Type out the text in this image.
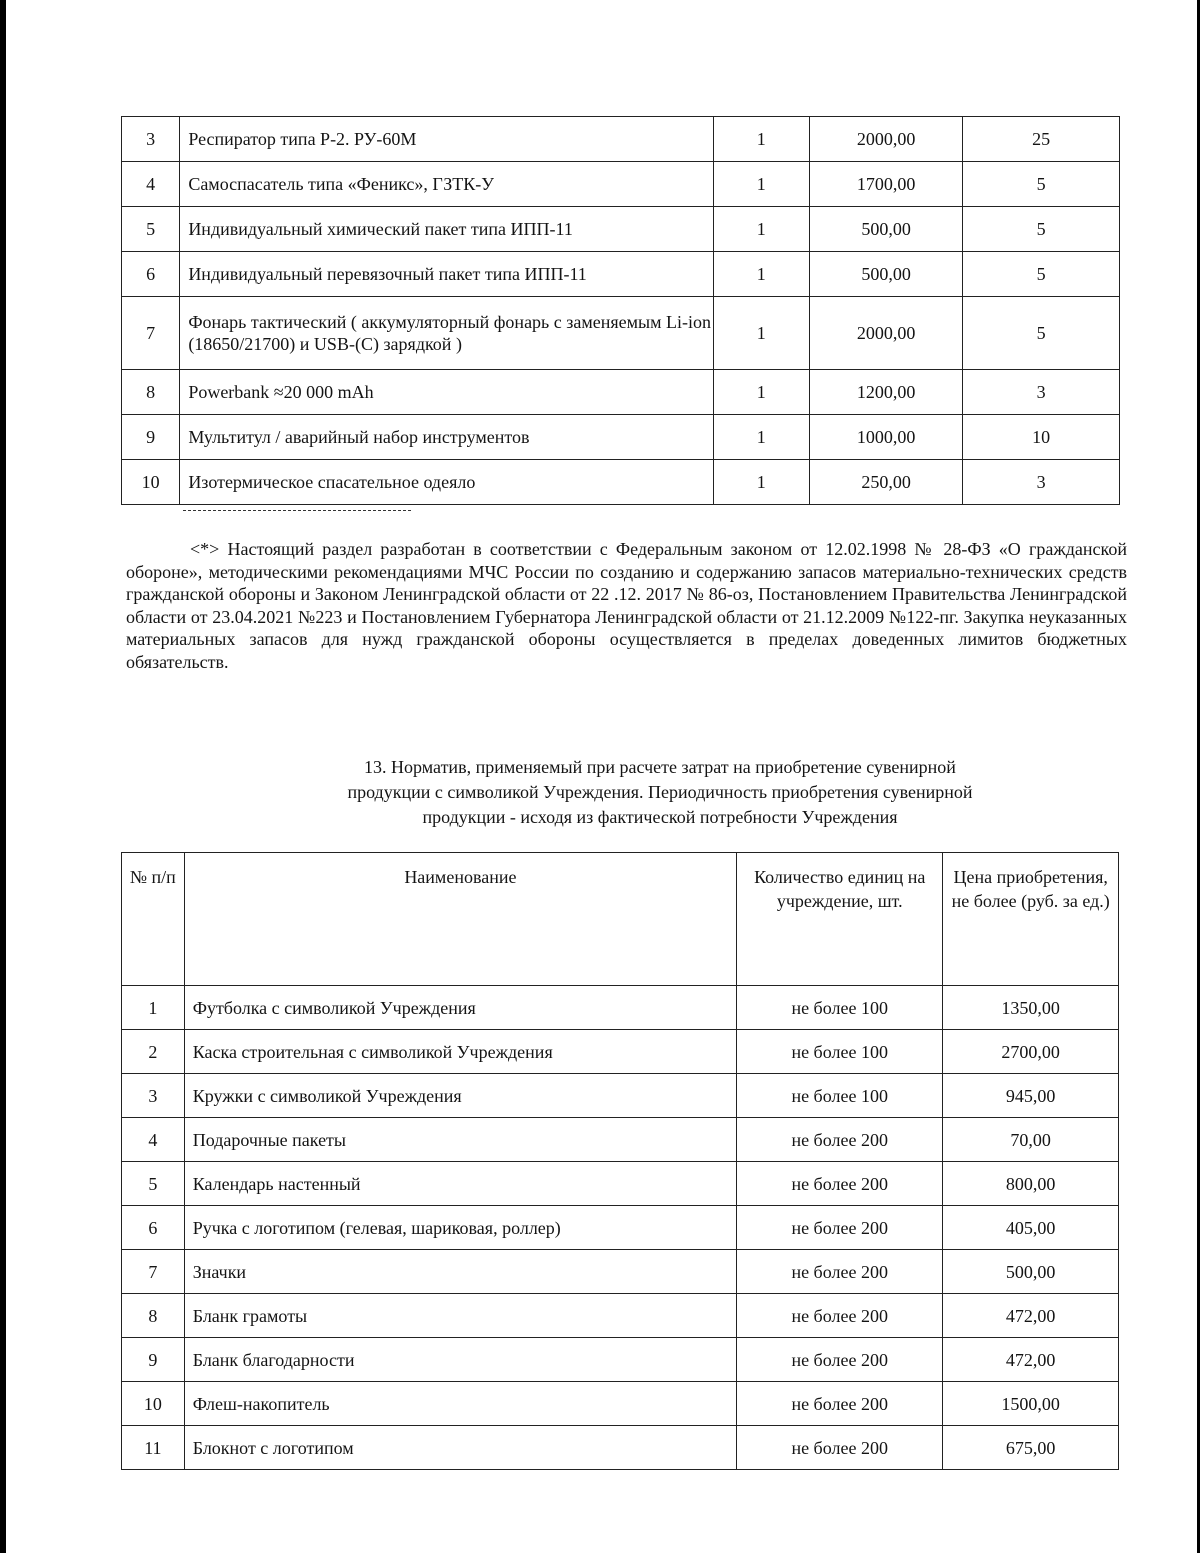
3	Респиратор типа Р-2. РУ-60М	1	2000,00	25
4	Самоспасатель типа «Феникс», ГЗТК-У	1	1700,00	5
5	Индивидуальный химический пакет типа ИПП-11	1	500,00	5
6	Индивидуальный перевязочный пакет типа ИПП-11	1	500,00	5
7	Фонарь тактический ( аккумуляторный фонарь с заменяемым Li-ion (18650/21700) и USB-(C) зарядкой )	1	2000,00	5
8	Powerbank ≈20 000 mAh	1	1200,00	3
9	Мультитул / аварийный набор инструментов	1	1000,00	10
10	Изотермическое спасательное одеяло	1	250,00	3
<*> Настоящий раздел разработан в соответствии с Федеральным законом от 12.02.1998 № 28-ФЗ «О гражданской обороне», методическими рекомендациями МЧС России по созданию и содержанию запасов материально-технических средств гражданской обороны и Законом Ленинградской области от 22 .12. 2017 № 86-оз, Постановлением Правительства Ленинградской области от 23.04.2021 №223 и Постановлением Губернатора Ленинградской области от 21.12.2009 №122-пг. Закупка неуказанных материальных запасов для нужд гражданской обороны осуществляется в пределах доведенных лимитов бюджетных обязательств.
13. Норматив, применяемый при расчете затрат на приобретение сувенирной
продукции с символикой Учреждения. Периодичность приобретения сувенирной
продукции - исходя из фактической потребности Учреждения
№ п/п	Наименование	Количество единиц на учреждение, шт.	Цена приобретения, не более (руб. за ед.)
1	Футболка с символикой Учреждения	не более 100	1350,00
2	Каска строительная с символикой Учреждения	не более 100	2700,00
3	Кружки с символикой Учреждения	не более 100	945,00
4	Подарочные пакеты	не более 200	70,00
5	Календарь настенный	не более 200	800,00
6	Ручка с логотипом (гелевая, шариковая, роллер)	не более 200	405,00
7	Значки	не более 200	500,00
8	Бланк грамоты	не более 200	472,00
9	Бланк благодарности	не более 200	472,00
10	Флеш-накопитель	не более 200	1500,00
11	Блокнот с логотипом	не более 200	675,00
